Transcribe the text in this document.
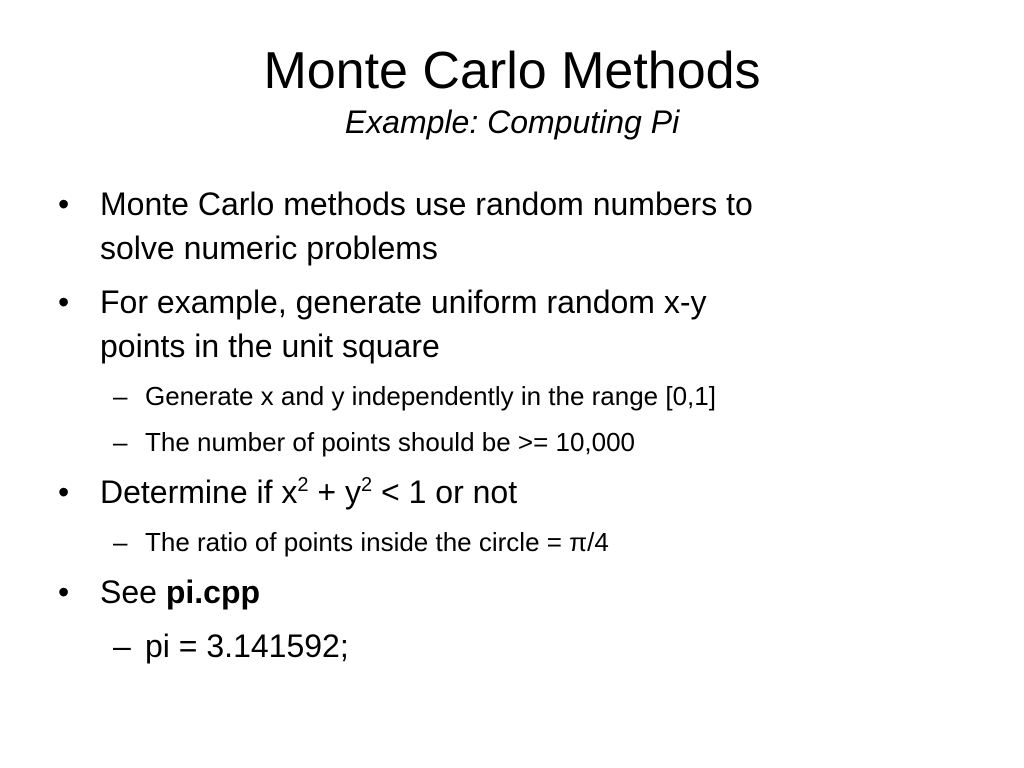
Monte Carlo Methods

Example: Computing Pi

• Monte Carlo methods use random numbers to
solve numeric problems
• For example, generate uniform random x-y
points in the unit square
– Generate x and y independently in the range [0,1]
– The number of points should be >= 10,000
• Determine if $x^2 + y^2 < 1$ or not
– The ratio of points inside the circle = π/4
• See pi.cpp
– pi = 3.141592;
